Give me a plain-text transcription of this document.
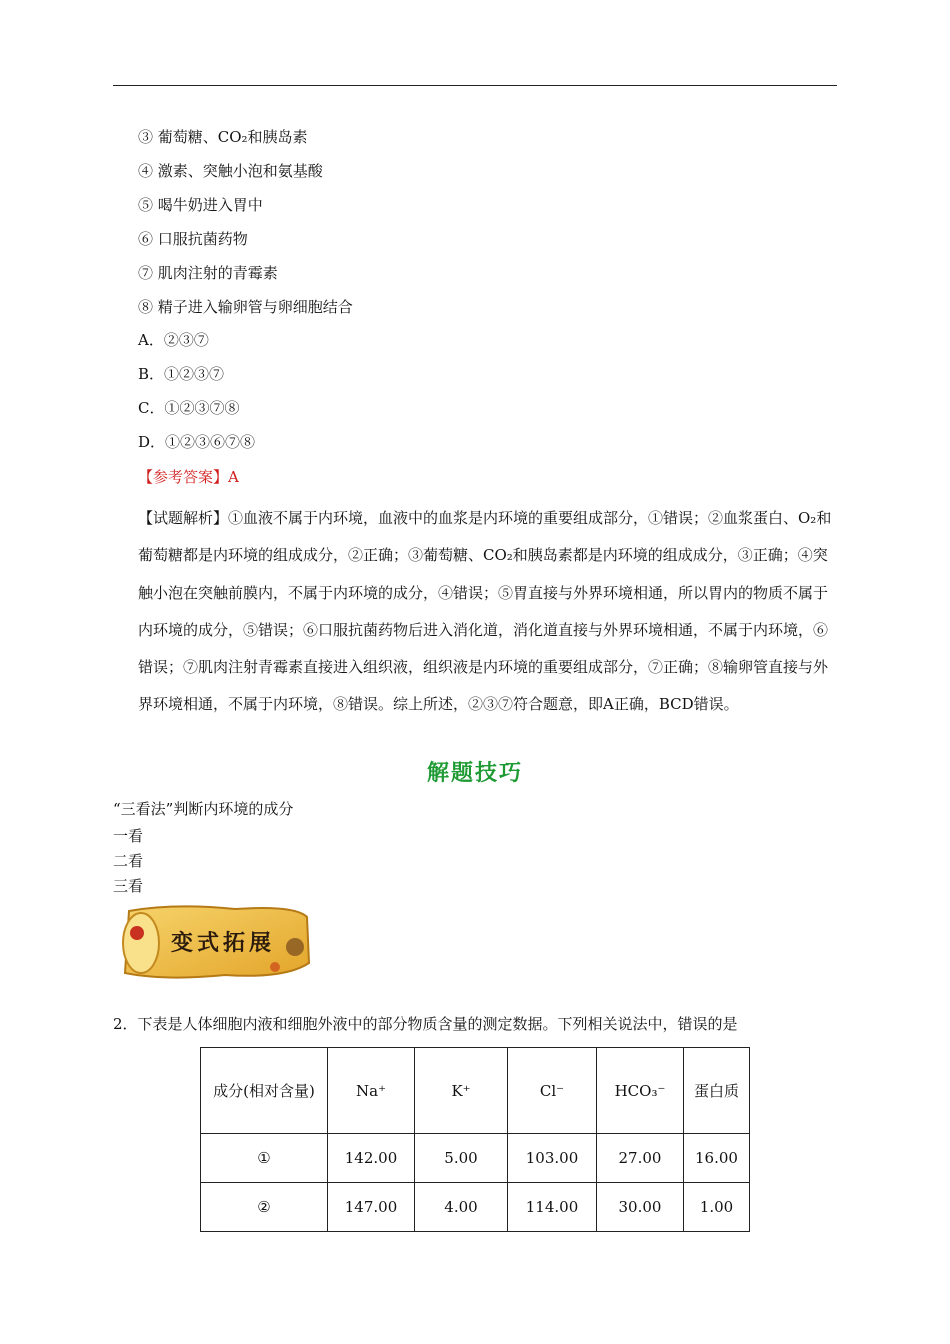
③ 葡萄糖、CO₂和胰岛素
④ 激素、突触小泡和氨基酸
⑤ 喝牛奶进入胃中
⑥ 口服抗菌药物
⑦ 肌肉注射的青霉素
⑧ 精子进入输卵管与卵细胞结合
A．②③⑦
B．①②③⑦
C．①②③⑦⑧
D．①②③⑥⑦⑧
【参考答案】A
【试题解析】①血液不属于内环境，血液中的血浆是内环境的重要组成部分，①错误；②血浆蛋白、O₂和葡萄糖都是内环境的组成成分，②正确；③葡萄糖、CO₂和胰岛素都是内环境的组成成分，③正确；④突触小泡在突触前膜内，不属于内环境的成分，④错误；⑤胃直接与外界环境相通，所以胃内的物质不属于内环境的成分，⑤错误；⑥口服抗菌药物后进入消化道，消化道直接与外界环境相通，不属于内环境，⑥错误；⑦肌肉注射青霉素直接进入组织液，组织液是内环境的重要组成部分，⑦正确；⑧输卵管直接与外界环境相通，不属于内环境，⑧错误。综上所述，②③⑦符合题意，即A正确，BCD错误。
解题技巧
“三看法”判断内环境的成分
一看
二看
三看
变式拓展
2．下表是人体细胞内液和细胞外液中的部分物质含量的测定数据。下列相关说法中，错误的是
成分(相对含量)	Na⁺	K⁺	Cl⁻	HCO₃⁻	蛋白质
①	142.00	5.00	103.00	27.00	16.00
②	147.00	4.00	114.00	30.00	1.00
